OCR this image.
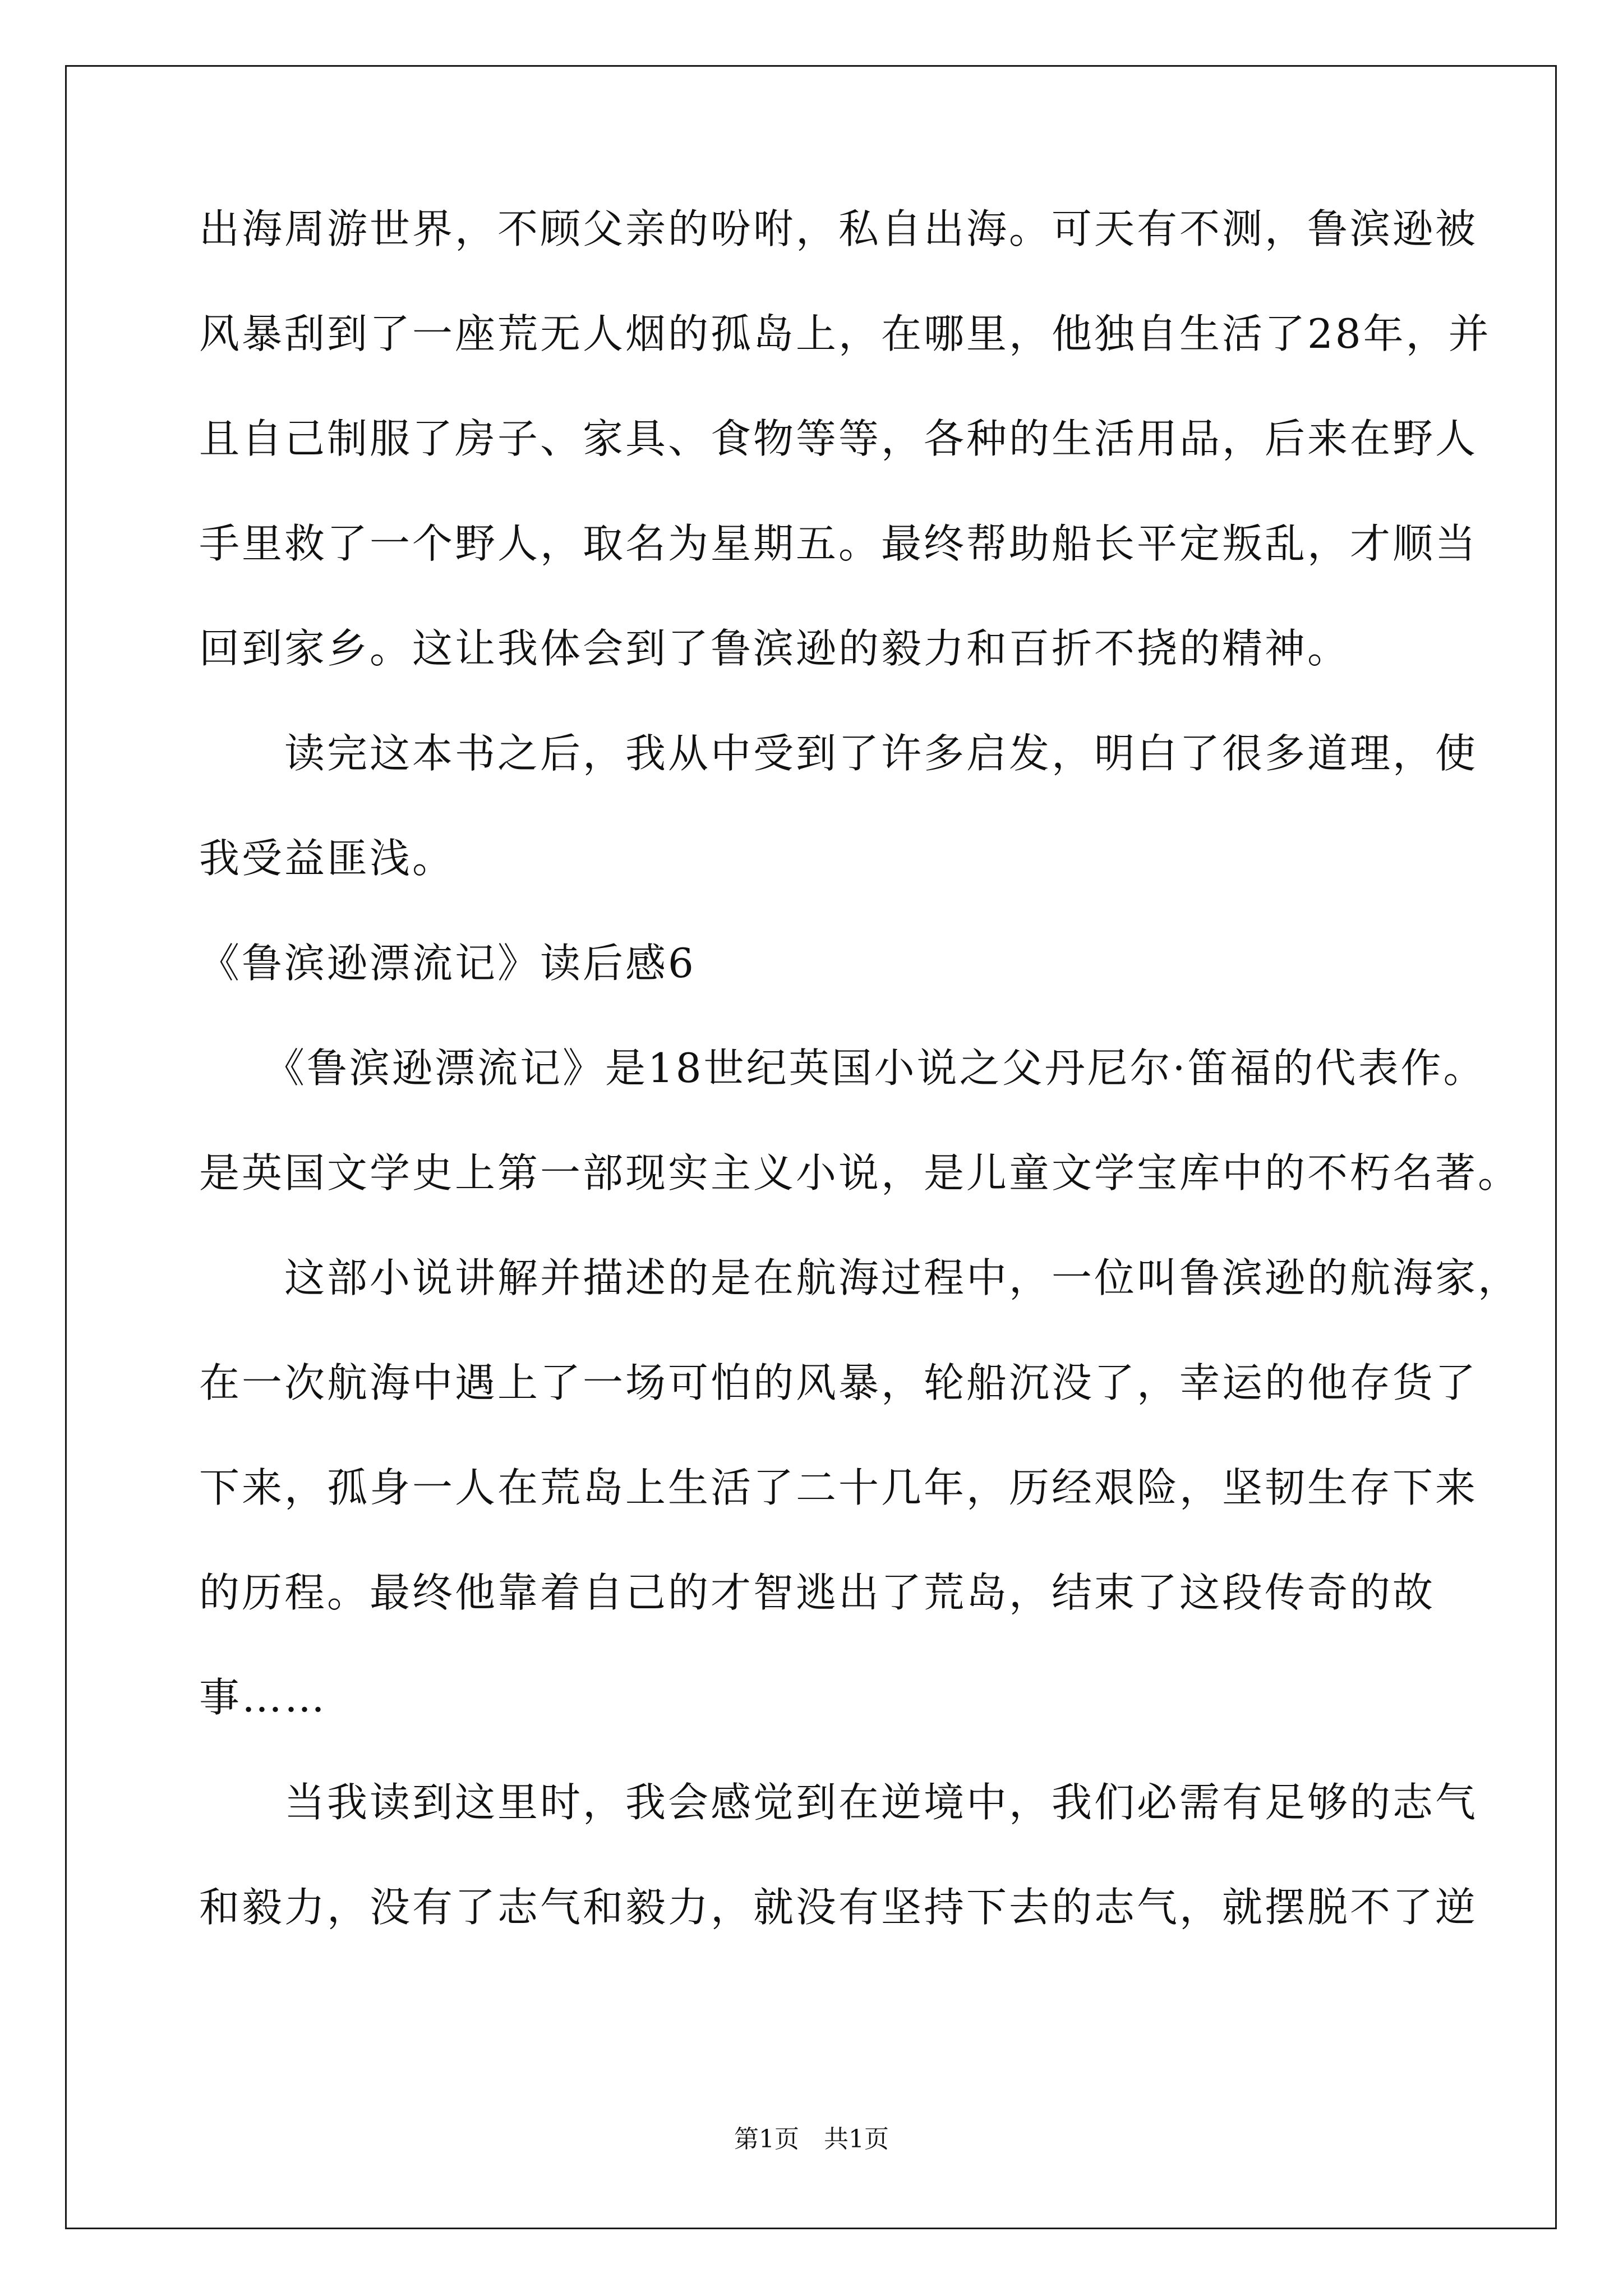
出海周游世界，不顾父亲的吩咐，私自出海。可天有不测，鲁滨逊被
风暴刮到了一座荒无人烟的孤岛上，在哪里，他独自生活了28年，并
且自己制服了房子、家具、食物等等，各种的生活用品，后来在野人
手里救了一个野人，取名为星期五。最终帮助船长平定叛乱，才顺当
回到家乡。这让我体会到了鲁滨逊的毅力和百折不挠的精神。
　　读完这本书之后，我从中受到了许多启发，明白了很多道理，使
我受益匪浅。
《鲁滨逊漂流记》读后感6
　　《鲁滨逊漂流记》是18世纪英国小说之父丹尼尔·笛福的代表作。
是英国文学史上第一部现实主义小说，是儿童文学宝库中的不朽名著。
　　这部小说讲解并描述的是在航海过程中，一位叫鲁滨逊的航海家，
在一次航海中遇上了一场可怕的风暴，轮船沉没了，幸运的他存货了
下来，孤身一人在荒岛上生活了二十几年，历经艰险，坚韧生存下来
的历程。最终他靠着自己的才智逃出了荒岛，结束了这段传奇的故
事……
　　当我读到这里时，我会感觉到在逆境中，我们必需有足够的志气
和毅力，没有了志气和毅力，就没有坚持下去的志气，就摆脱不了逆
第1页　共1页
